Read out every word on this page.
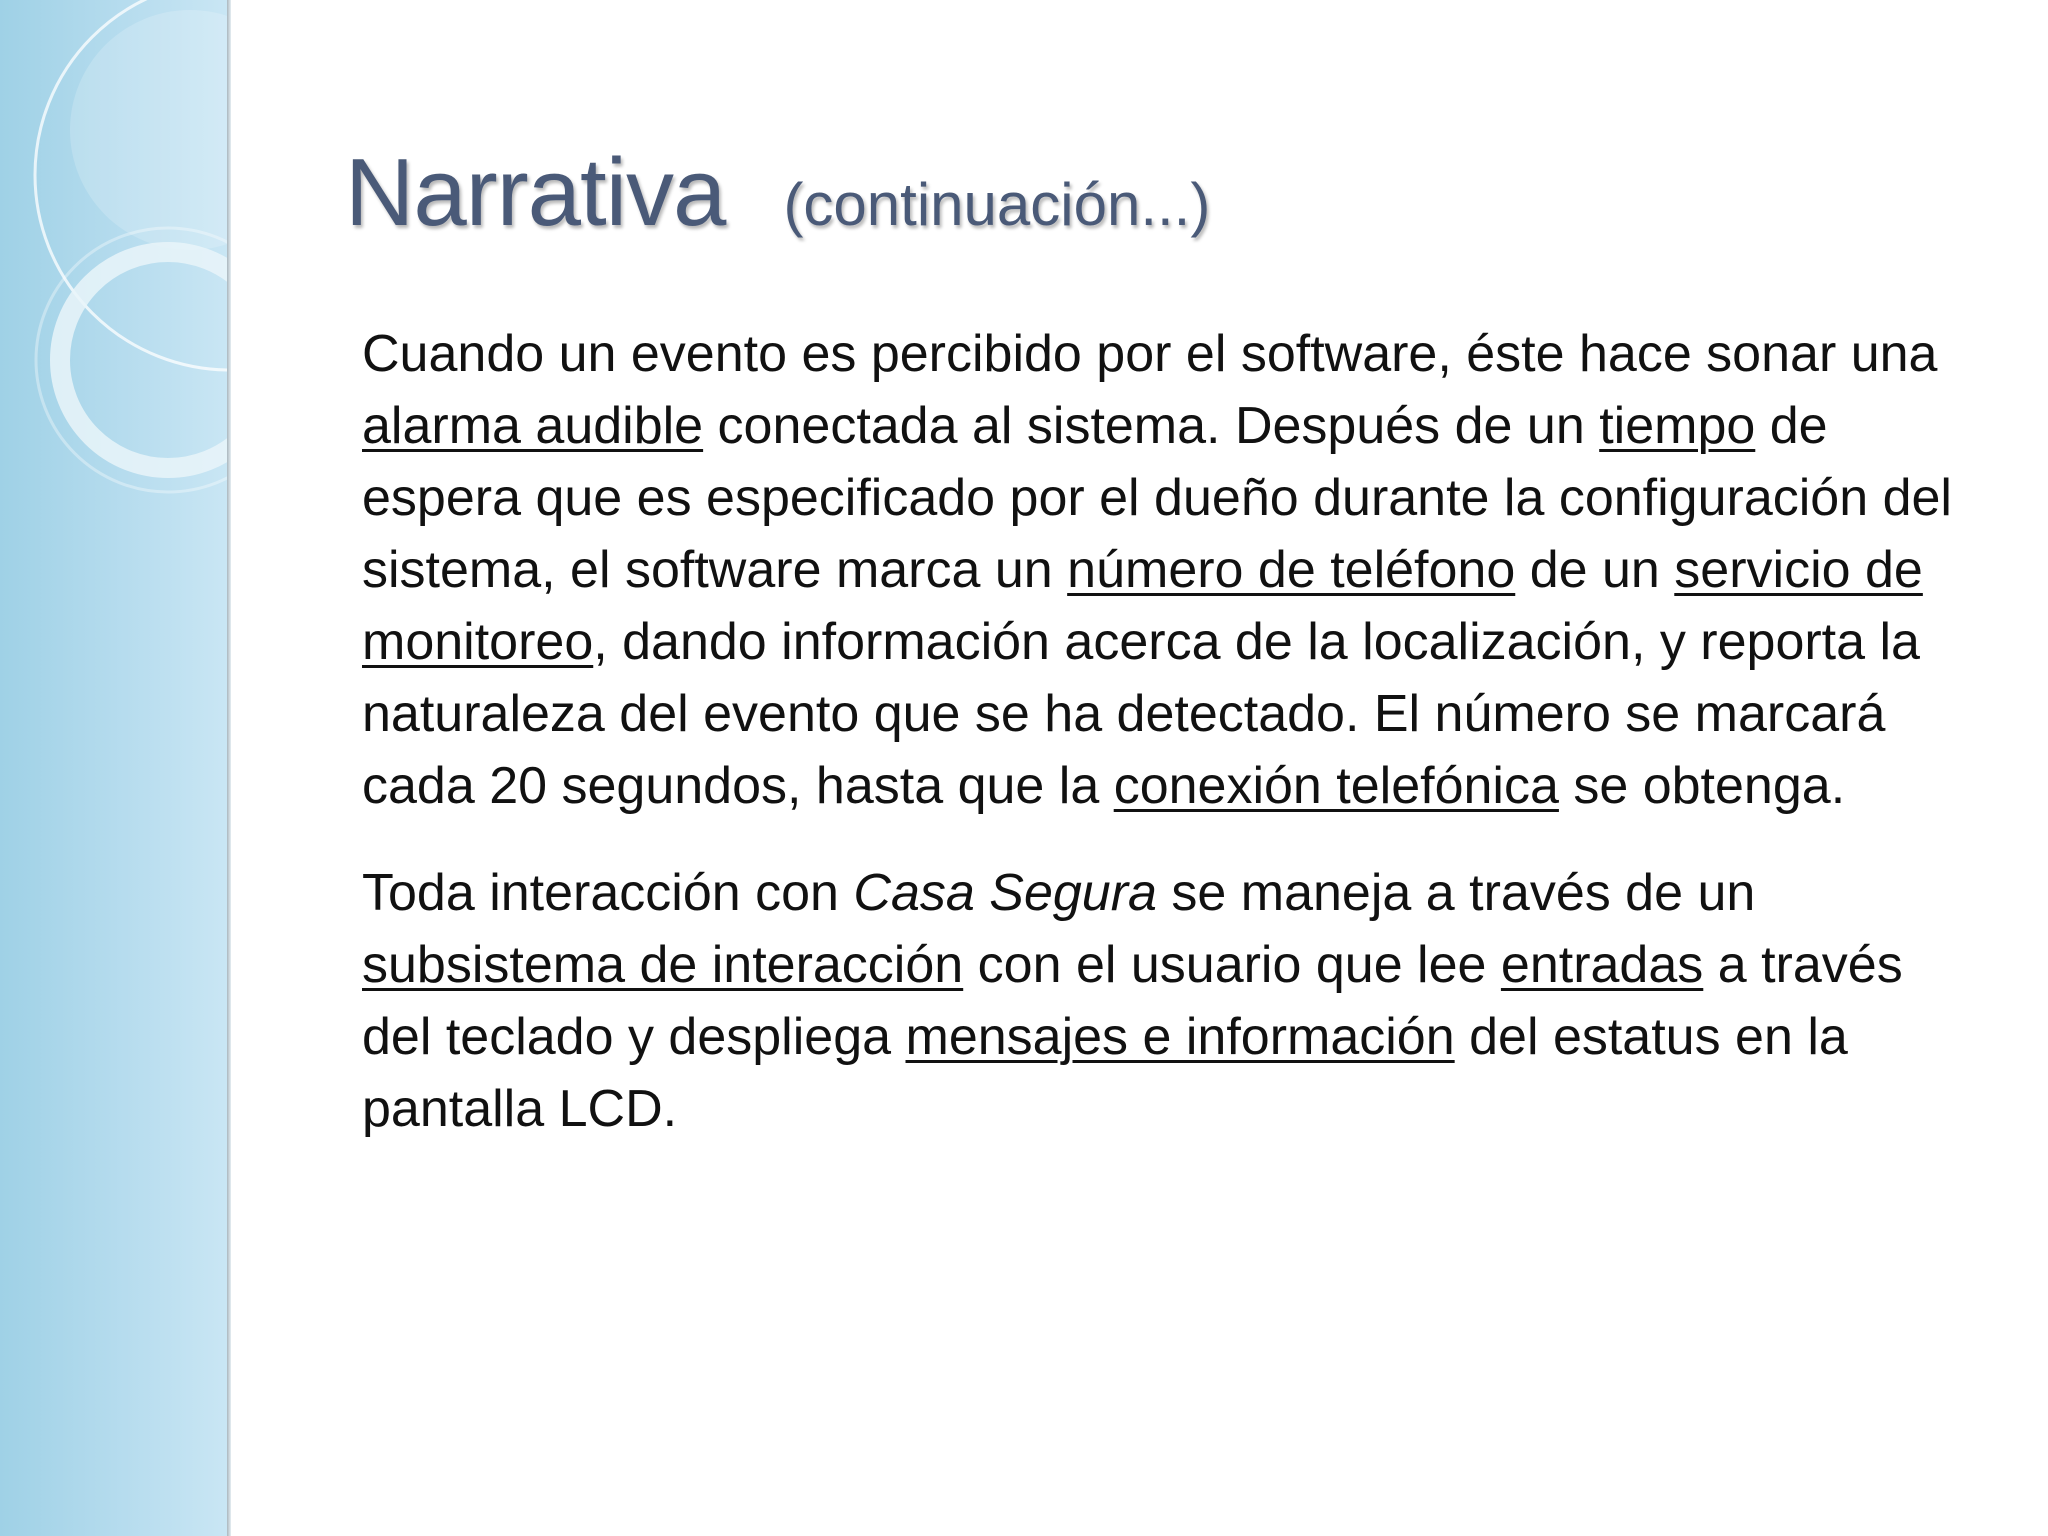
Narrativa (continuación...)

Cuando un evento es percibido por el software, éste hace sonar una

alarma audible conectada al sistema. Después de un tiempo de

espera que es especificado por el dueño durante la configuración del

sistema, el software marca un número de teléfono de un servicio de

monitoreo, dando información acerca de la localización, y reporta la

naturaleza del evento que se ha detectado. El número se marcará

cada 20 segundos, hasta que la conexión telefónica se obtenga.

Toda interacción con Casa Segura se maneja a través de un

subsistema de interacción con el usuario que lee entradas a través

del teclado y despliega mensajes e información del estatus en la

pantalla LCD.
